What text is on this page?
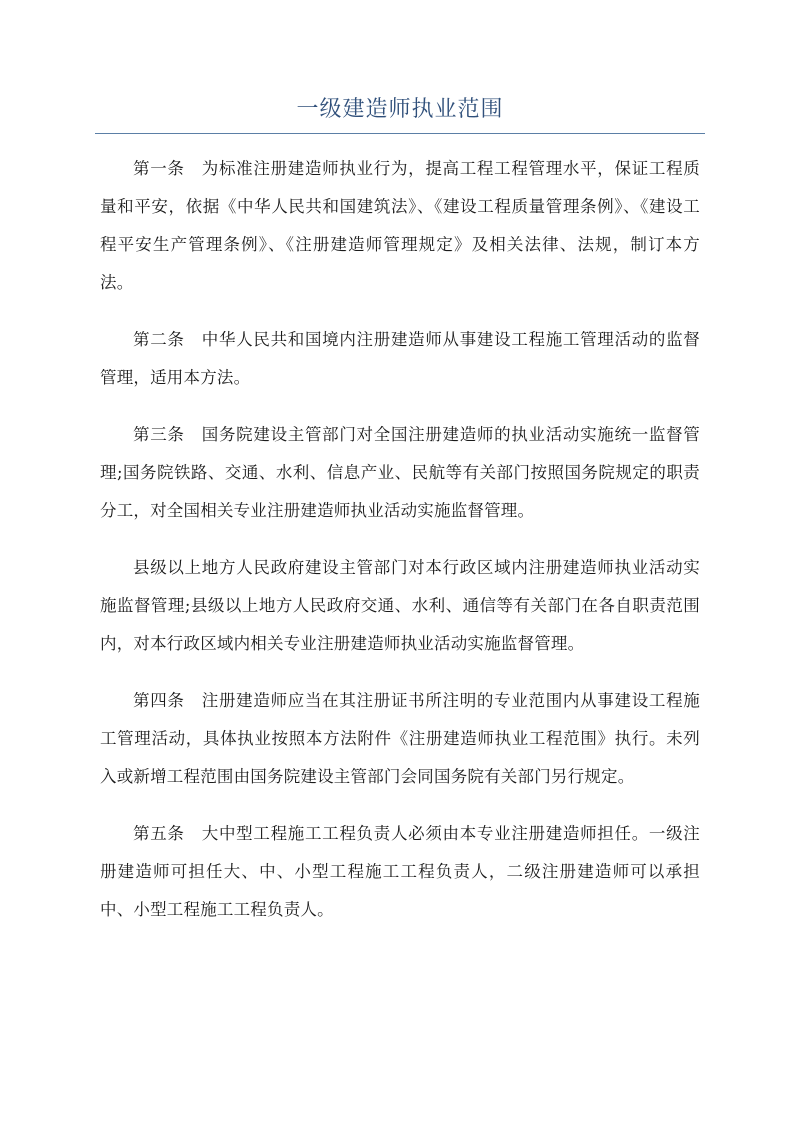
一级建造师执业范围

第一条　为标准注册建造师执业行为，提高工程工程管理水平，保证工程质量和平安，依据《中华人民共和国建筑法》、《建设工程质量管理条例》、《建设工程平安生产管理条例》、《注册建造师管理规定》及相关法律、法规，制订本方法。

第二条　中华人民共和国境内注册建造师从事建设工程施工管理活动的监督管理，适用本方法。

第三条　国务院建设主管部门对全国注册建造师的执业活动实施统一监督管理;国务院铁路、交通、水利、信息产业、民航等有关部门按照国务院规定的职责分工，对全国相关专业注册建造师执业活动实施监督管理。

县级以上地方人民政府建设主管部门对本行政区域内注册建造师执业活动实施监督管理;县级以上地方人民政府交通、水利、通信等有关部门在各自职责范围内，对本行政区域内相关专业注册建造师执业活动实施监督管理。

第四条　注册建造师应当在其注册证书所注明的专业范围内从事建设工程施工管理活动，具体执业按照本方法附件《注册建造师执业工程范围》执行。未列入或新增工程范围由国务院建设主管部门会同国务院有关部门另行规定。

第五条　大中型工程施工工程负责人必须由本专业注册建造师担任。一级注册建造师可担任大、中、小型工程施工工程负责人，二级注册建造师可以承担中、小型工程施工工程负责人。
